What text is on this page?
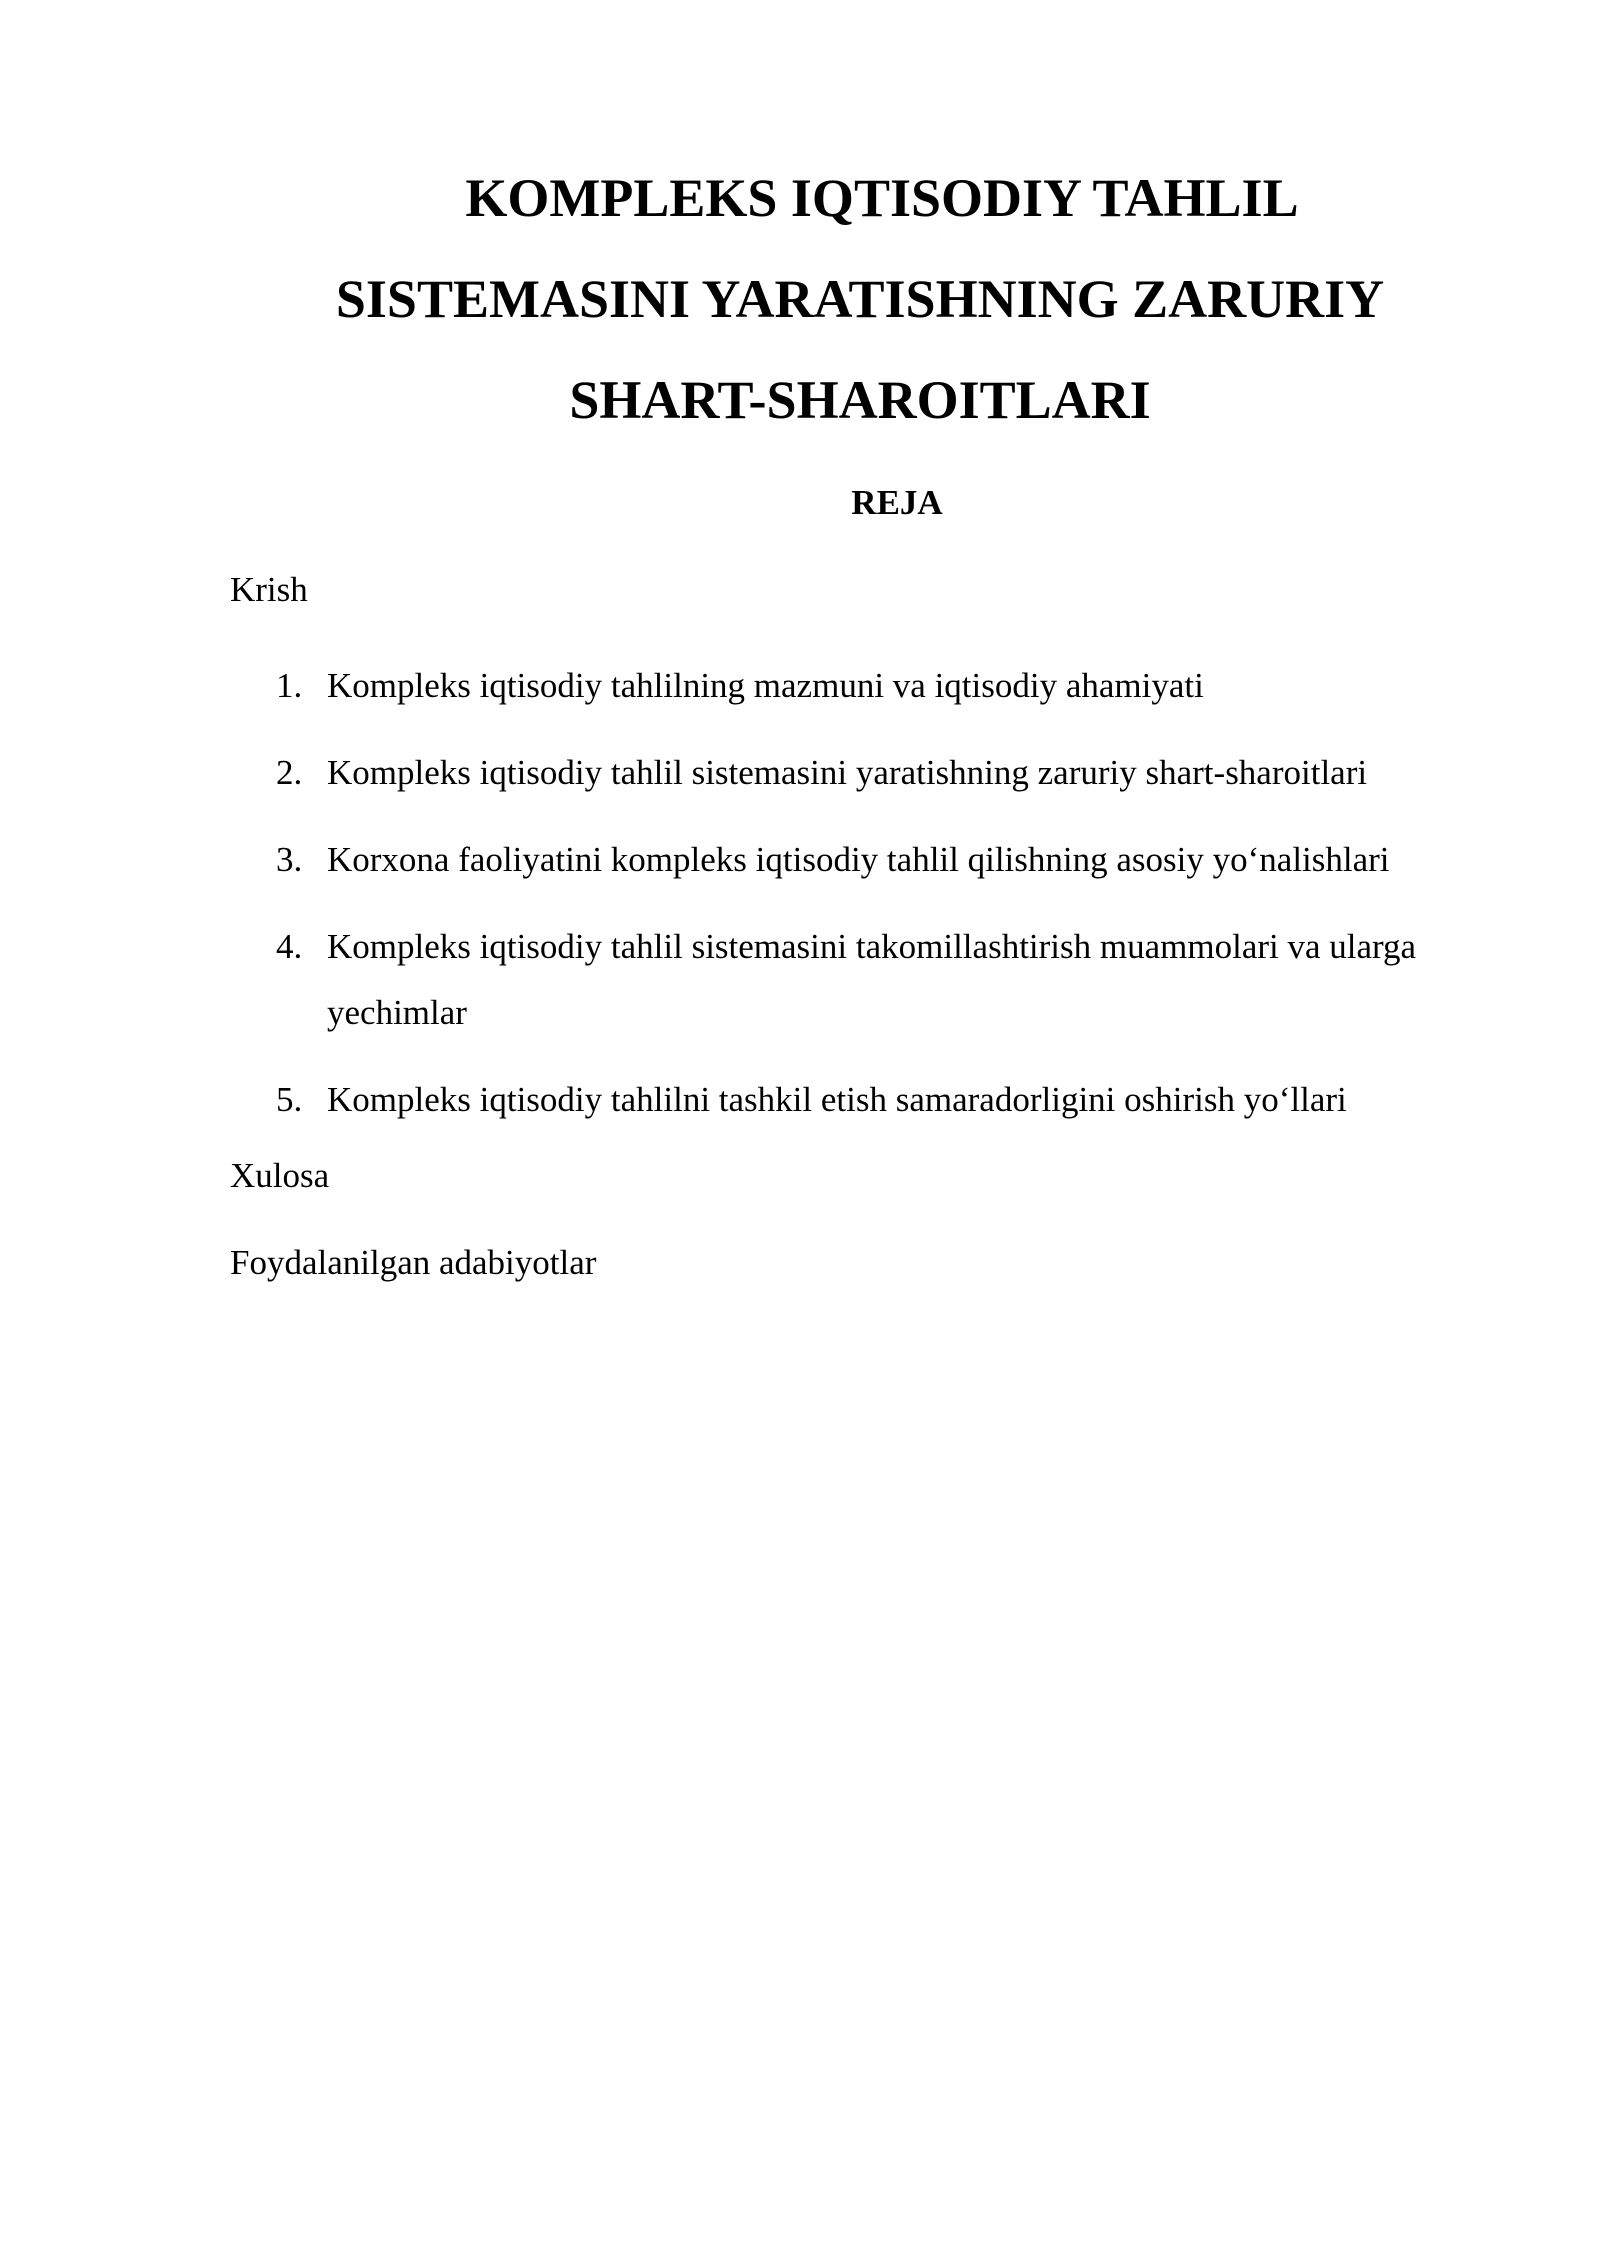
KOMPLEKS IQTISODIY TAHLIL
SISTEMASINI YARATISHNING ZARURIY
SHART-SHAROITLARI
REJA
Krish
1. Kompleks iqtisodiy tahlilning mazmuni va iqtisodiy ahamiyati
2. Kompleks iqtisodiy tahlil sistemasini yaratishning zaruriy shart-sharoitlari
3. Korxona faoliyatini kompleks iqtisodiy tahlil qilishning asosiy yo‘nalishlari
4. Kompleks iqtisodiy tahlil sistemasini takomillashtirish muammolari va ularga yechimlar
5. Kompleks iqtisodiy tahlilni tashkil etish samaradorligini oshirish yo‘llari
Xulosa
Foydalanilgan adabiyotlar
